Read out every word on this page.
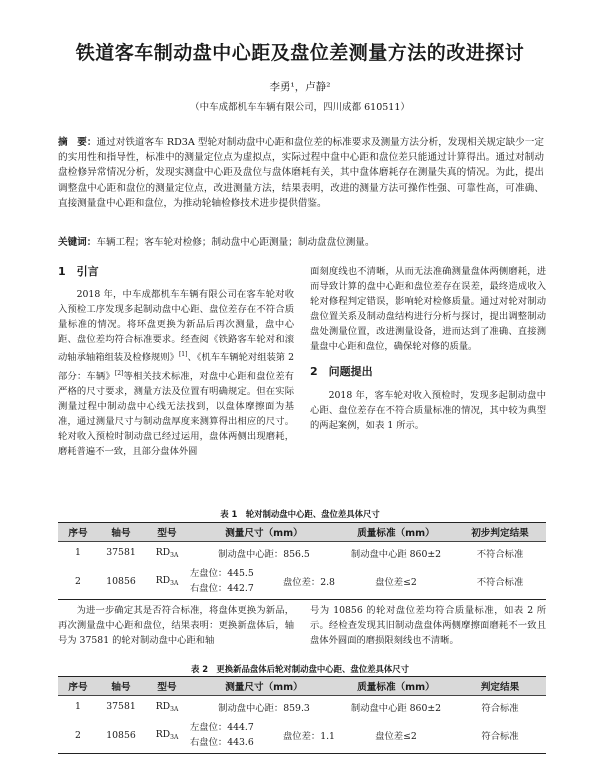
铁道客车制动盘中心距及盘位差测量方法的改进探讨
李勇¹，卢静²
（中车成都机车车辆有限公司，四川成都 610511）
摘　要：通过对铁道客车 RD3A 型轮对制动盘中心距和盘位差的标准要求及测量方法分析，发现相关规定缺少一定的实用性和指导性，标准中的测量定位点为虚拟点，实际过程中盘中心距和盘位差只能通过计算得出。通过对制动盘检修异常情况分析，发现实测盘中心距及盘位与盘体磨耗有关，其中盘体磨耗存在测量失真的情况。为此，提出调整盘中心距和盘位的测量定位点，改进测量方法，结果表明，改进的测量方法可操作性强、可靠性高，可准确、直接测量盘中心距和盘位，为推动轮轴检修技术进步提供借鉴。
关键词：车辆工程；客车轮对检修；制动盘中心距测量；制动盘盘位测量。
1　引言

2018 年，中车成都机车车辆有限公司在客车轮对收入预检工序发现多起制动盘中心距、盘位差存在不符合质量标准的情况。将环盘更换为新品后再次测量，盘中心距、盘位差均符合标准要求。经查阅《铁路客车轮对和滚动轴承轴箱组装及检修规则》[1]、《机车车辆轮对组装第 2 部分：车辆》[2]等相关技术标准，对盘中心距和盘位差有严格的尺寸要求，测量方法及位置有明确规定。但在实际测量过程中制动盘中心线无法找到，以盘体摩擦面为基准，通过测量尺寸与制动盘厚度来测算得出相应的尺寸。轮对收入预检时制动盘已经过运用，盘体两侧出现磨耗，磨耗普遍不一致，且部分盘体外圆

面刻度线也不清晰，从而无法准确测量盘体两侧磨耗，进而导致计算的盘中心距和盘位差存在误差，最终造成收入轮对修程判定错误，影响轮对检修质量。通过对轮对制动盘位置关系及制动盘结构进行分析与探讨，提出调整制动盘处测量位置，改进测量设备，进而达到了准确、直接测量盘中心距和盘位，确保轮对修的质量。
2　问题提出

2018 年，客车轮对收入预检时，发现多起制动盘中心距、盘位差存在不符合质量标准的情况，其中较为典型的两起案例，如表 1 所示。

表 1　轮对制动盘中心距、盘位差具体尺寸
序号	轴号	型号	测量尺寸（mm）		质量标准（mm）	初步判定结果
1	37581	$RD_{3A}$	制动盘中心距：856.5		制动盘中心距 860±2	不符合标准
2	10856	$RD_{3A}$	左盘位：445.5
右盘位：442.7	盘位差：2.8	盘位差≤2	不符合标准

为进一步确定其是否符合标准，将盘体更换为新品，再次测量盘中心距和盘位，结果表明：更换新盘体后，轴号为 37581 的轮对制动盘中心距和轴

号为 10856 的轮对盘位差均符合质量标准，如表 2 所示。经检查发现其旧制动盘盘体两侧摩擦面磨耗不一致且盘体外圆面的磨损限刻线也不清晰。
表 2　更换新品盘体后轮对制动盘中心距、盘位差具体尺寸
序号	轴号	型号	测量尺寸（mm）		质量标准（mm）	判定结果
1	37581	$RD_{3A}$	制动盘中心距：859.3		制动盘中心距 860±2	符合标准
2	10856	$RD_{3A}$	左盘位：444.7
右盘位：443.6	盘位差：1.1	盘位差≤2	符合标准
